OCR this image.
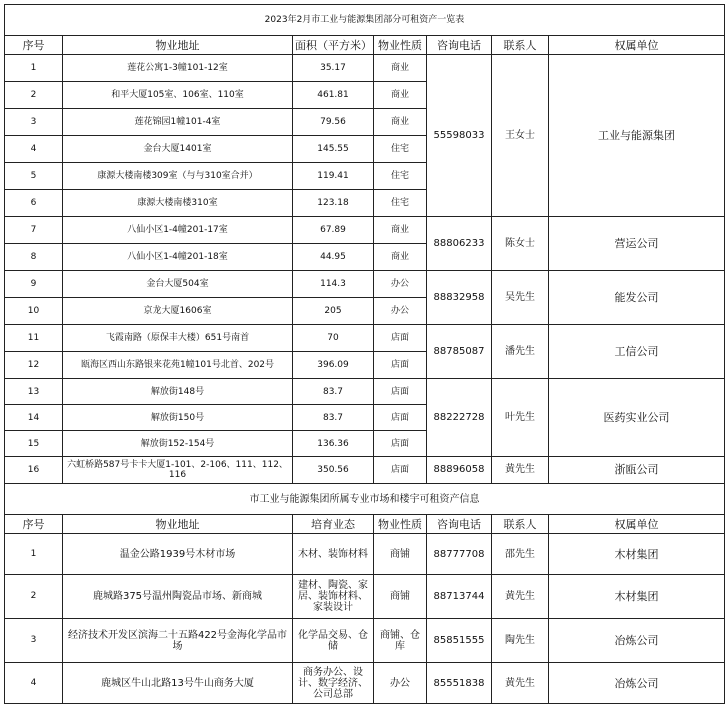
2023年2月市工业与能源集团部分可租资产一览表						
序号	物业地址	面积（平方米）	物业性质	咨询电话	联系人	权属单位
1	莲花公寓1-3幢101-12室	35.17	商业	55598033	王女士	工业与能源集团
2	和平大厦105室、106室、110室	461.81	商业			
3	莲花锦园1幢101-4室	79.56	商业			
4	金台大厦1401室	145.55	住宅			
5	康源大楼南楼309室（与与310室合并）	119.41	住宅			
6	康源大楼南楼310室	123.18	住宅			
7	八仙小区1-4幢201-17室	67.89	商业	88806233	陈女士	营运公司
8	八仙小区1-4幢201-18室	44.95	商业			
9	金台大厦504室	114.3	办公	88832958	吴先生	能发公司
10	京龙大厦1606室	205	办公			
11	飞霞南路（原保丰大楼）651号南首	70	店面	88785087	潘先生	工信公司
12	瓯海区西山东路银来花苑1幢101号北首、202号	396.09	店面			
13	解放街148号	83.7	店面	88222728	叶先生	医药实业公司
14	解放街150号	83.7	店面			
15	解放街152-154号	136.36	店面			
16	六虹桥路587号卡卡大厦1-101、2-106、111、112、116	350.56	店面	88896058	黄先生	浙瓯公司
市工业与能源集团所属专业市场和楼宇可租资产信息						
序号	物业地址	培育业态	物业性质	咨询电话	联系人	权属单位
1	温金公路1939号木材市场	木材、装饰材料	商铺	88777708	邵先生	木材集团
2	鹿城路375号温州陶瓷品市场、新商城	建材、陶瓷、家居、装饰材料、家装设计	商铺	88713744	黄先生	木材集团
3	经济技术开发区滨海二十五路422号金海化学品市场	化学品交易、仓储	商铺、仓库	85851555	陶先生	冶炼公司
4	鹿城区牛山北路13号牛山商务大厦	商务办公、设计、数字经济、公司总部	办公	85551838	黄先生	冶炼公司
